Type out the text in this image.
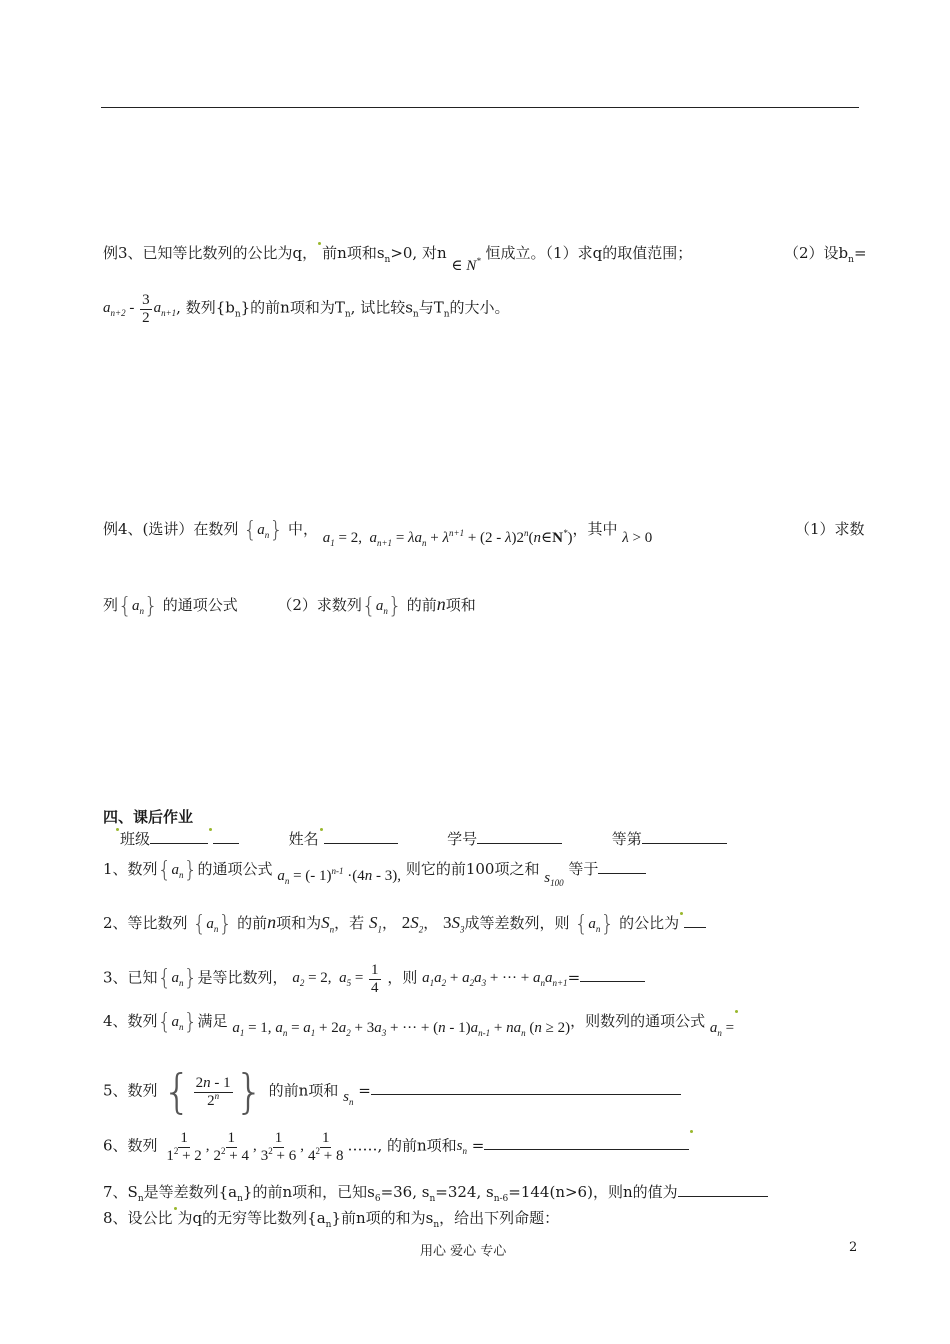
例3、已知等比数列的公比为q， 前n项和$s_n>0$, 对n ∈ N* 恒成立。（1）求q的取值范围；	（2）设$b_n=$
$a_{n+2} - \frac{3}{2} a_{n+1}$, 数列$\{b_n\}$的前n项和为$T_n$, 试比较$s_n$与$T_n$的大小。
例4、(选讲）在数列 $\{a_n\}$ 中， $a_1 = 2$,  $a_{n+1} = \lambda a_n + \lambda^{n+1} + (2$ - λ)2$^n$(n∈N*)，其中 λ > 0	（1）求数
列$\{a_n\}$ 的通项公式	（2）求数列$\{a_n\}$ 的前n项和
四、课后作业
班级	姓名	学号	等第
1、数列$\{a_n\}$的通项公式 $a_n$ = (- 1)$^{n-1}$ ·(4n - 3), 则它的前100项之和 $s_{100}$ 等于
2、等比数列 $\{a_n\}$ 的前n项和为$S_n$，若 $S_1$， $2S_2$， $3S_3$成等差数列，则 $\{a_n\}$ 的公比为
3、已知$\{a_n\}$是等比数列， $a_2 = 2$,  $a_5 = \frac{1}{4}$ ，则 $a_1a_2 + a_2a_3$ + ··· + $a_na_{n+1}=$
4、数列$\{a_n\}$满足 $a_1 = 1$, $a_n = a_1 + 2a_2 + 3a_3$ + ··· + $(n - 1)a_{n-1} + na_n$ (n ≥ 2)，则数列的通项公式 $a_n$ =
5、数列 { $\frac{2n - 1}{2^n}$ } 的前n项和 $s_n$ =
6、数列 $\frac{1}{1^2 + 2}$ , $\frac{1}{2^2 + 4}$ , $\frac{1}{3^2 + 6}$ , $\frac{1}{4^2 + 8}$ ……, 的前n项和$s_n$ =
7、$S_n$是等差数列$\{a_n\}$的前n项和，已知$s_6=36$, $s_n=324$, $s_{n-6}=144(n>6)$，则n的值为
8、设公比 为q的无穷等比数列$\{a_n\}$前n项的和为$s_n$，给出下列命题：
用心 爱心 专心	2
